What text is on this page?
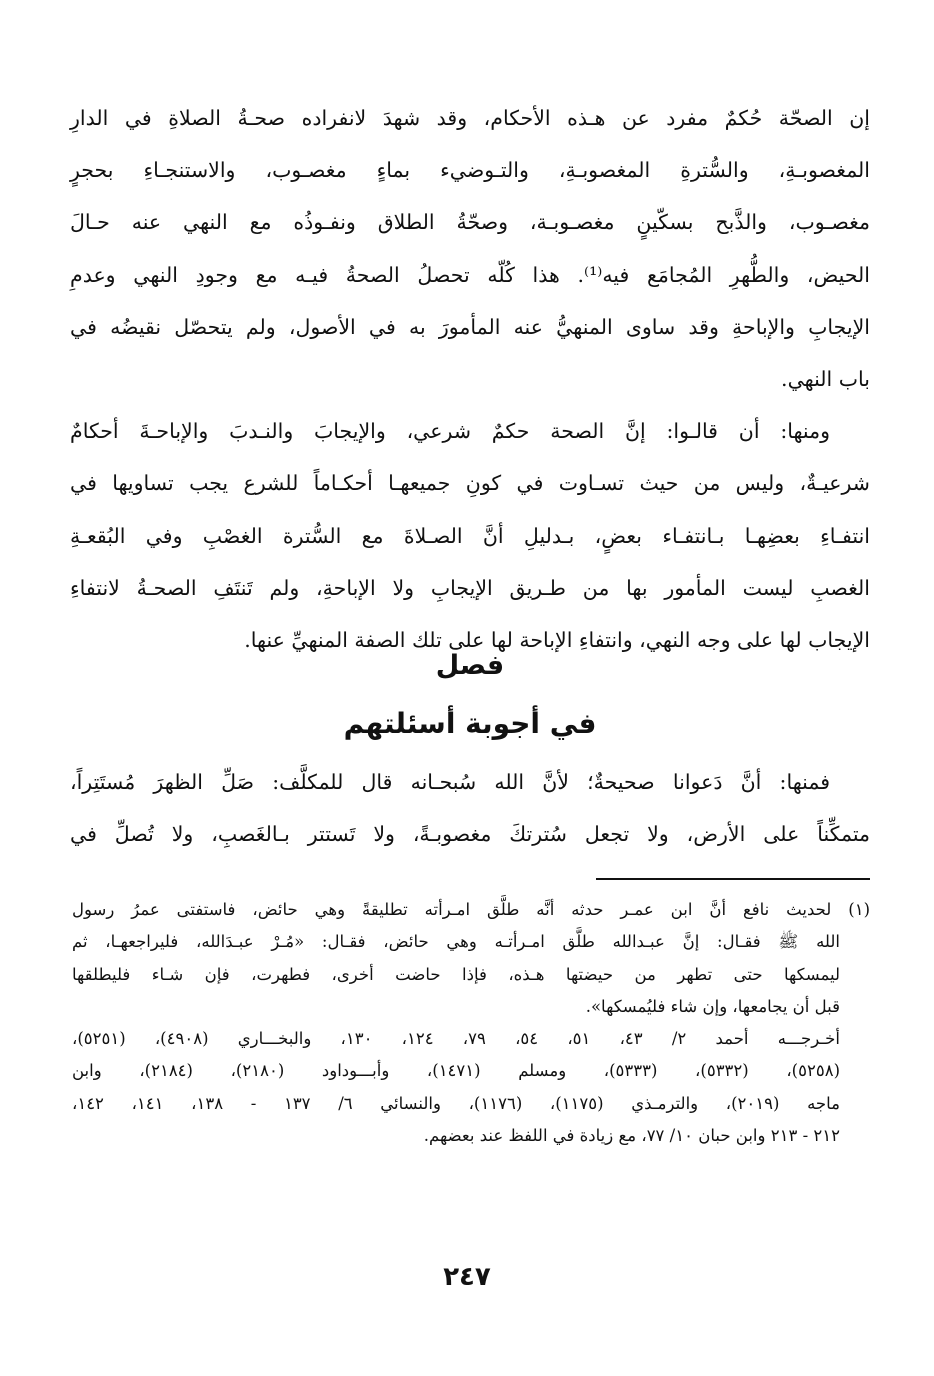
إن الصحّة حُكمٌ مفرد عن هـذه الأحكام، وقد شهدَ لانفراده صحـةُ الصلاةِ في الدارِ
المغصوبـةِ، والسُّترةِ المغصوبـةِ، والتـوضيء بماءٍ مغصـوب، والاستنجـاءِ بحجرٍ
مغصـوب، والذَّبح بسكّينٍ مغصـوبـة، وصحّةُ الطلاق ونفـوذُه مع النهي عنه حـالَ
الحيض، والطُّهرِ المُجامَع فيه⁽¹⁾. هذا كُلّه تحصلُ الصحةُ فيـه مع وجودِ النهي وعدمِ
الإيجابِ والإباحةِ وقد ساوى المنهيُّ عنه المأمورَ به في الأصول، ولم يتحصّل نقيضُه في
باب النهي.
ومنها: أن قالـوا: إنَّ الصحة حكمٌ شرعي، والإيجابَ والنـدبَ والإباحـةَ أحكامٌ
شرعيـةٌ، وليس من حيث تسـاوت في كونِ جميعهـا أحكـاماً للشرع يجب تساويها في
انتفـاءِ بعضِهـا بـانتفـاء بعضٍ، بـدليلِ أنَّ الصـلاةَ مع السُّترة الغصْبِ وفي البُقعـةِ
الغصبِ ليست المأمور بها من طـريق الإيجابِ ولا الإباحةِ، ولم تَنتَفِ الصحـةُ لانتفاءِ
الإيجاب لها على وجه النهي، وانتفاءِ الإباحة لها على تلك الصفة المنهيِّ عنها.
فصل
في أجوبة أسئلتهم
فمنها: أنَّ دَعوانا صحيحةٌ؛ لأنَّ الله سُبحـانه قال للمكلَّف: صَلِّ الظهرَ مُستَتِراً،
متمكِّناً على الأرض، ولا تجعل سُترتكَ مغصوبـةً، ولا تَستتر بـالغَصبِ، ولا تُصلِّ في
(١) لحديث نافع أنَّ ابن عمـر حدثه أنَّه طلَّق امـرأته تطليقةً وهي حائض، فاستفتى عمرُ رسول
الله ﷺ فقـال: إنَّ عبـدالله طلَّق امـرأتـه وهي حائض، فقـال: «مُـرْ عبـدَالله، فليراجعهـا، ثم
ليمسكها حتى تطهر من حيضتها هـذه، فإذا حاضت أخرى، فطهرت، فإن شـاء فليطلقها
قبل أن يجامعها، وإن شاء فليُمسكها».
أخـرجـــه أحمد ٢/ ٤٣، ٥١، ٥٤، ٧٩، ١٢٤، ١٣٠، والبخـــاري (٤٩٠٨)، (٥٢٥١)،
(٥٢٥٨)، (٥٣٣٢)، (٥٣٣٣)، ومسلم (١٤٧١)، وأبـــوداود (٢١٨٠)، (٢١٨٤)، وابن
ماجه (٢٠١٩)، والترمـذي (١١٧٥)، (١١٧٦)، والنسائي ٦/ ١٣٧ - ١٣٨، ١٤١، ١٤٢،
٢١٢ - ٢١٣ وابن حبان ١٠/ ٧٧، مع زيادة في اللفظ عند بعضهم.
٢٤٧
